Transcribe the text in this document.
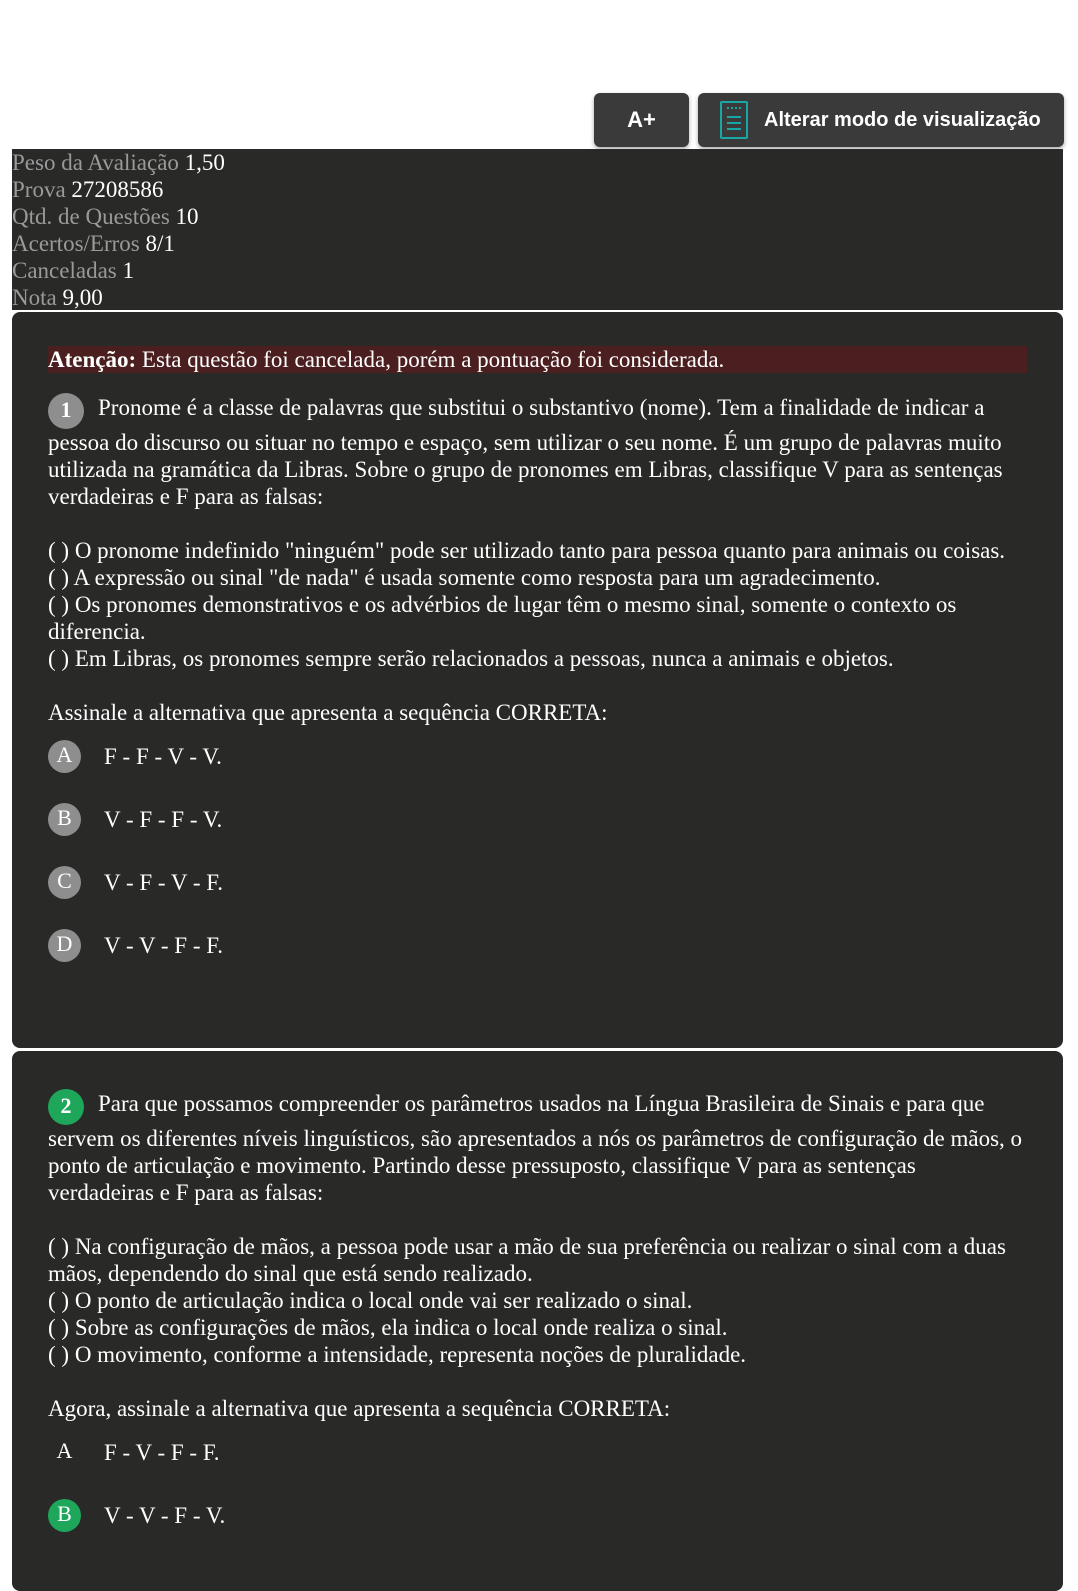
A+	Alterar modo de visualização
Peso da Avaliação 1,50
Prova 27208586
Qtd. de Questões 10
Acertos/Erros 8/1
Canceladas 1
Nota 9,00
Atenção: Esta questão foi cancelada, porém a pontuação foi considerada.

1 Pronome é a classe de palavras que substitui o substantivo (nome). Tem a finalidade de indicar a pessoa do discurso ou situar no tempo e espaço, sem utilizar o seu nome. É um grupo de palavras muito utilizada na gramática da Libras. Sobre o grupo de pronomes em Libras, classifique V para as sentenças verdadeiras e F para as falsas:

( ) O pronome indefinido "ninguém" pode ser utilizado tanto para pessoa quanto para animais ou coisas.
( ) A expressão ou sinal "de nada" é usada somente como resposta para um agradecimento.
( ) Os pronomes demonstrativos e os advérbios de lugar têm o mesmo sinal, somente o contexto os diferencia.
( ) Em Libras, os pronomes sempre serão relacionados a pessoas, nunca a animais e objetos.
Assinale a alternativa que apresenta a sequência CORRETA:
A	F - F - V - V.
B	V - F - F - V.
C	V - F - V - F.
D	V - V - F - F.

2 Para que possamos compreender os parâmetros usados na Língua Brasileira de Sinais e para que servem os diferentes níveis linguísticos, são apresentados a nós os parâmetros de configuração de mãos, o ponto de articulação e movimento. Partindo desse pressuposto, classifique V para as sentenças verdadeiras e F para as falsas:

( ) Na configuração de mãos, a pessoa pode usar a mão de sua preferência ou realizar o sinal com a duas mãos, dependendo do sinal que está sendo realizado.
( ) O ponto de articulação indica o local onde vai ser realizado o sinal.
( ) Sobre as configurações de mãos, ela indica o local onde realiza o sinal.
( ) O movimento, conforme a intensidade, representa noções de pluralidade.
Agora, assinale a alternativa que apresenta a sequência CORRETA:
A	F - V - F - F.
B	V - V - F - V.
